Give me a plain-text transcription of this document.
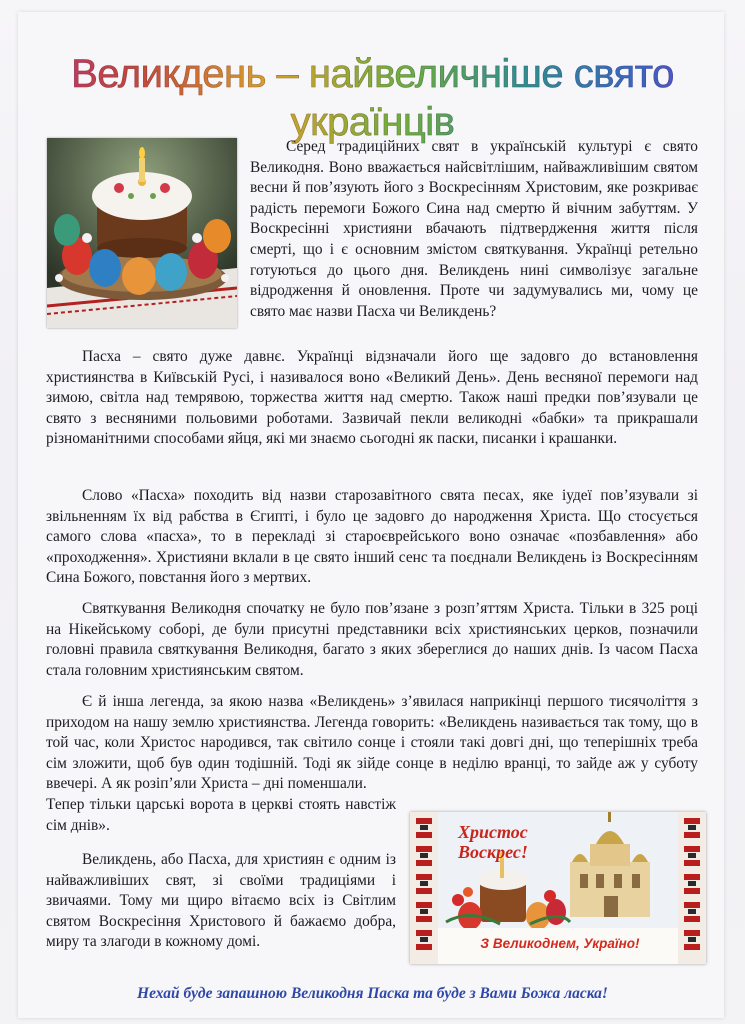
Великдень – найвеличніше свято українців

Серед традиційних свят в українській культурі є свято Великодня. Воно вважається найсвітлішим, найважливішим святом весни й пов’язують його з Воскресінням Христовим, яке розкриває радість перемоги Божого Сина над смертю й вічним забуттям. У Воскресінні християни вбачають підтвердження життя після смерті, що і є основним змістом святкування. Українці ретельно готуються до цього дня. Великдень нині символізує загальне відродження й оновлення. Проте чи задумувались ми, чому це свято має назви Пасха чи Великдень?

Пасха – свято дуже давнє. Українці відзначали його ще задовго до встановлення християнства в Київській Русі, і називалося воно «Великий День». День весняної перемоги над зимою, світла над темрявою, торжества життя над смертю. Також наші предки пов’язували це свято з весняними польовими роботами. Зазвичай пекли великодні «бабки» та прикрашали різноманітними способами яйця, які ми знаємо сьогодні як паски, писанки і крашанки.

Слово «Пасха» походить від назви старозавітного свята песах, яке іудеї пов’язували зі звільненням їх від рабства в Єгипті, і було це задовго до народження Христа. Що стосується самого слова «пасха», то в перекладі зі староєврейського воно означає «позбавлення» або «проходження». Християни вклали в це свято інший сенс та поєднали Великдень із Воскресінням Сина Божого, повстання його з мертвих.

Святкування Великодня спочатку не було пов’язане з розп’яттям Христа. Тільки в 325 році на Нікейському соборі, де були присутні представники всіх християнських церков, позначили головні правила святкування Великодня, багато з яких збереглися до наших днів. Із часом Пасха стала головним християнським святом.

Є й інша легенда, за якою назва «Великдень» з’явилася наприкінці першого тисячоліття з приходом на нашу землю християнства. Легенда говорить: «Великдень називається так тому, що в той час, коли Христос народився, так світило сонце і стояли такі довгі дні, що теперішніх треба сім зложити, щоб був один тодішній. Тоді як зійде сонце в неділю вранці, то зайде аж у суботу ввечері. А як розіп’яли Христа – дні поменшали.

Тепер тільки царські ворота в церкві стоять навстіж сім днів».

Великдень, або Пасха, для християн є одним із найважливіших свят, зі своїми традиціями і звичаями. Тому ми щиро вітаємо всіх із Світлим святом Воскресіння Христового й бажаємо добра, миру та злагоди в кожному домі.

Христос Воскрес!
З Великоднем, Україно!
Нехай буде запашною Великодня Паска та буде з Вами Божа ласка!
